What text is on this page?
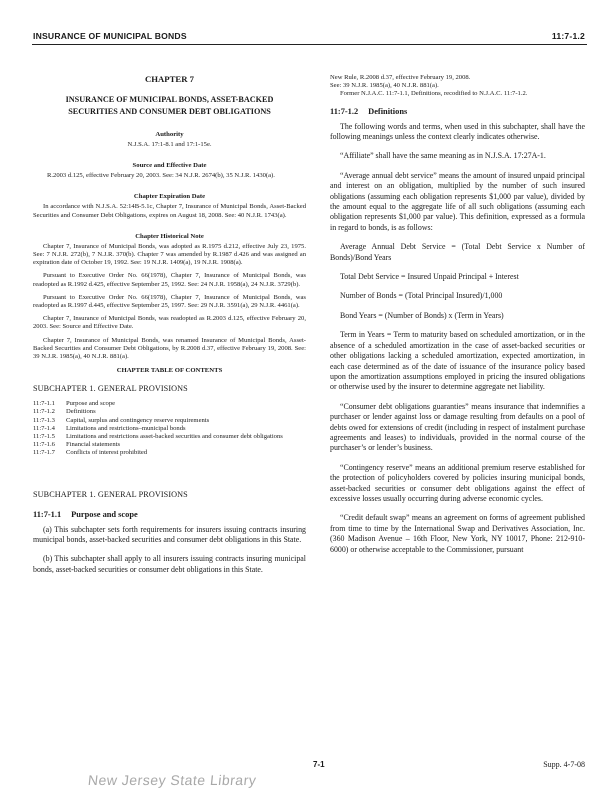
INSURANCE OF MUNICIPAL BONDS	11:7-1.2
CHAPTER 7
INSURANCE OF MUNICIPAL BONDS, ASSET-BACKED SECURITIES AND CONSUMER DEBT OBLIGATIONS
Authority
N.J.S.A. 17:1-8.1 and 17:1-15e.
Source and Effective Date
R.2003 d.125, effective February 20, 2003. See: 34 N.J.R. 2674(b), 35 N.J.R. 1430(a).
Chapter Expiration Date
In accordance with N.J.S.A. 52:14B-5.1c, Chapter 7, Insurance of Municipal Bonds, Asset-Backed Securities and Consumer Debt Obligations, expires on August 18, 2008. See: 40 N.J.R. 1743(a).
Chapter Historical Note
Chapter 7, Insurance of Municipal Bonds, was adopted as R.1975 d.212, effective July 23, 1975. See: 7 N.J.R. 272(b), 7 N.J.R. 370(b). Chapter 7 was amended by R.1987 d.426 and was assigned an expiration date of October 19, 1992. See: 19 N.J.R. 1409(a), 19 N.J.R. 1908(a).
Pursuant to Executive Order No. 66(1978), Chapter 7, Insurance of Municipal Bonds, was readopted as R.1992 d.425, effective September 25, 1992. See: 24 N.J.R. 1958(a), 24 N.J.R. 3729(b).
Pursuant to Executive Order No. 66(1978), Chapter 7, Insurance of Municipal Bonds, was readopted as R.1997 d.445, effective September 25, 1997. See: 29 N.J.R. 3591(a), 29 N.J.R. 4461(a).
Chapter 7, Insurance of Municipal Bonds, was readopted as R.2003 d.125, effective February 20, 2003. See: Source and Effective Date.
Chapter 7, Insurance of Municipal Bonds, was renamed Insurance of Municipal Bonds, Asset-Backed Securities and Consumer Debt Obligations, by R.2008 d.37, effective February 19, 2008. See: 39 N.J.R. 1985(a), 40 N.J.R. 881(a).
CHAPTER TABLE OF CONTENTS
SUBCHAPTER 1. GENERAL PROVISIONS
11:7-1.1	Purpose and scope
11:7-1.2	Definitions
11:7-1.3	Capital, surplus and contingency reserve requirements
11:7-1.4	Limitations and restrictions–municipal bonds
11:7-1.5	Limitations and restrictions asset-backed securities and consumer debt obligations
11:7-1.6	Financial statements
11:7-1.7	Conflicts of interest prohibited
SUBCHAPTER 1. GENERAL PROVISIONS
11:7-1.1 Purpose and scope
(a) This subchapter sets forth requirements for insurers issuing contracts insuring municipal bonds, asset-backed securities and consumer debt obligations in this State.
(b) This subchapter shall apply to all insurers issuing contracts insuring municipal bonds, asset-backed securities or consumer debt obligations in this State.
New Rule, R.2008 d.37, effective February 19, 2008.
See: 39 N.J.R. 1985(a), 40 N.J.R. 881(a).
Former N.J.A.C. 11:7-1.1, Definitions, recodified to N.J.A.C. 11:7-1.2.
11:7-1.2 Definitions
The following words and terms, when used in this subchapter, shall have the following meanings unless the context clearly indicates otherwise.
“Affiliate” shall have the same meaning as in N.J.S.A. 17:27A-1.
“Average annual debt service” means the amount of insured unpaid principal and interest on an obligation, multiplied by the number of such insured obligations (assuming each obligation represents $1,000 par value), divided by the amount equal to the aggregate life of all such obligations (assuming each obligation represents $1,000 par value). This definition, expressed as a formula in regard to bonds, is as follows:
Average Annual Debt Service = (Total Debt Service x Number of Bonds)/Bond Years
Total Debt Service = Insured Unpaid Principal + Interest
Number of Bonds = (Total Principal Insured)/1,000
Bond Years = (Number of Bonds) x (Term in Years)
Term in Years = Term to maturity based on scheduled amortization, or in the absence of a scheduled amortization in the case of asset-backed securities or other obligations lacking a scheduled amortization, expected amortization, in each case determined as of the date of issuance of the insurance policy based upon the amortization assumptions employed in pricing the insured obligations or otherwise used by the insurer to determine aggregate net liability.
“Consumer debt obligations guaranties” means insurance that indemnifies a purchaser or lender against loss or damage resulting from defaults on a pool of debts owed for extensions of credit (including in respect of instalment purchase agreements and leases) to individuals, provided in the normal course of the purchaser’s or lender’s business.
“Contingency reserve” means an additional premium reserve established for the protection of policyholders covered by policies insuring municipal bonds, asset-backed securities or consumer debt obligations against the effect of excessive losses usually occurring during adverse economic cycles.
“Credit default swap” means an agreement on forms of agreement published from time to time by the International Swap and Derivatives Association, Inc. (360 Madison Avenue – 16th Floor, New York, NY 10017, Phone: 212-910-6000) or otherwise acceptable to the Commissioner, pursuant
7-1	Supp. 4-7-08
New Jersey State Library
